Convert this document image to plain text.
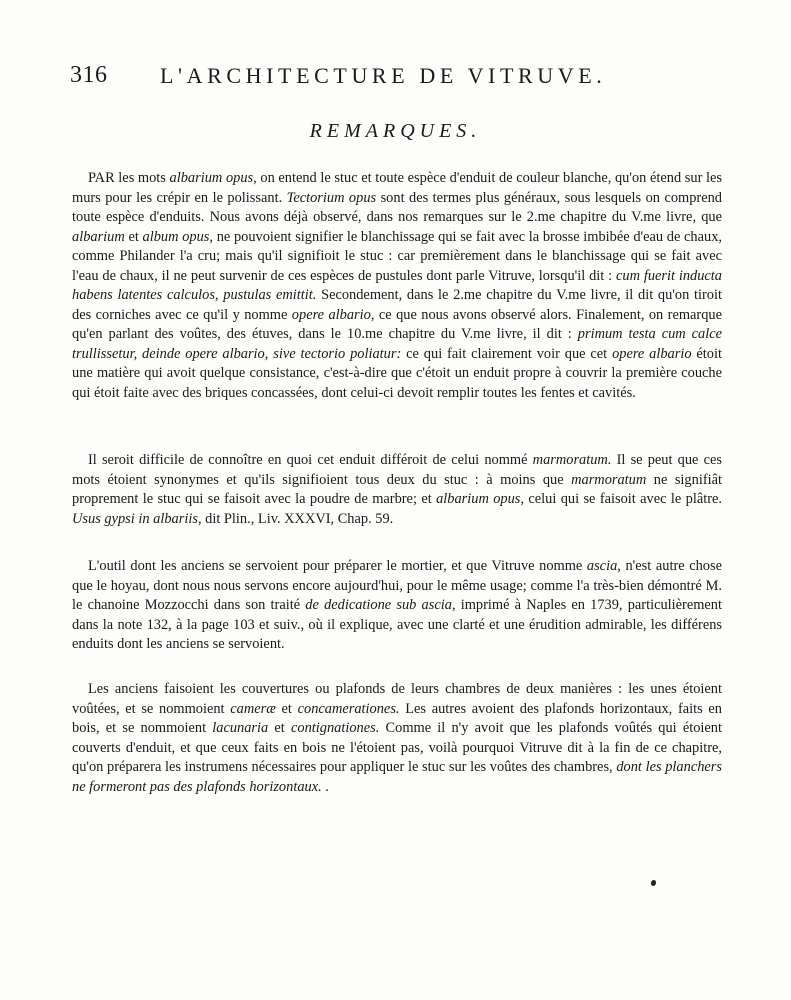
316 L'ARCHITECTURE DE VITRUVE.
REMARQUES.

PAR les mots albarium opus, on entend le stuc et toute espèce d'enduit de couleur blanche, qu'on étend sur les murs pour les crépir en le polissant. Tectorium opus sont des termes plus généraux, sous lesquels on comprend toute espèce d'enduits. Nous avons déjà observé, dans nos remarques sur le 2.me chapitre du V.me livre, que albarium et album opus, ne pouvoient signifier le blanchissage qui se fait avec la brosse imbibée d'eau de chaux, comme Philander l'a cru; mais qu'il signifioit le stuc : car premièrement dans le blanchissage qui se fait avec l'eau de chaux, il ne peut survenir de ces espèces de pustules dont parle Vitruve, lorsqu'il dit : cum fuerit inducta habens latentes calculos, pustulas emittit. Secondement, dans le 2.me chapitre du V.me livre, il dit qu'on tiroit des corniches avec ce qu'il y nomme opere albario, ce que nous avons observé alors. Finalement, on remarque qu'en parlant des voûtes, des étuves, dans le 10.me chapitre du V.me livre, il dit : primum testa cum calce trullissetur, deinde opere albario, sive tectorio poliatur: ce qui fait clairement voir que cet opere albario étoit une matière qui avoit quelque consistance, c'est-à-dire que c'étoit un enduit propre à couvrir la première couche qui étoit faite avec des briques concassées, dont celui-ci devoit remplir toutes les fentes et cavités.

Il seroit difficile de connoître en quoi cet enduit différoit de celui nommé marmoratum. Il se peut que ces mots étoient synonymes et qu'ils signifioient tous deux du stuc : à moins que marmoratum ne signifiât proprement le stuc qui se faisoit avec la poudre de marbre; et albarium opus, celui qui se faisoit avec le plâtre. Usus gypsi in albariis, dit Plin., Liv. XXXVI, Chap. 59.

L'outil dont les anciens se servoient pour préparer le mortier, et que Vitruve nomme ascia, n'est autre chose que le hoyau, dont nous nous servons encore aujourd'hui, pour le même usage; comme l'a très-bien démontré M. le chanoine Mozzocchi dans son traité de dedicatione sub ascia, imprimé à Naples en 1739, particulièrement dans la note 132, à la page 103 et suiv., où il explique, avec une clarté et une érudition admirable, les différens enduits dont les anciens se servoient.

Les anciens faisoient les couvertures ou plafonds de leurs chambres de deux manières : les unes étoient voûtées, et se nommoient cameræ et concamerationes. Les autres avoient des plafonds horizontaux, faits en bois, et se nommoient lacunaria et contignationes. Comme il n'y avoit que les plafonds voûtés qui étoient couverts d'enduit, et que ceux faits en bois ne l'étoient pas, voilà pourquoi Vitruve dit à la fin de ce chapitre, qu'on préparera les instrumens nécessaires pour appliquer le stuc sur les voûtes des chambres, dont les planchers ne formeront pas des plafonds horizontaux. .
